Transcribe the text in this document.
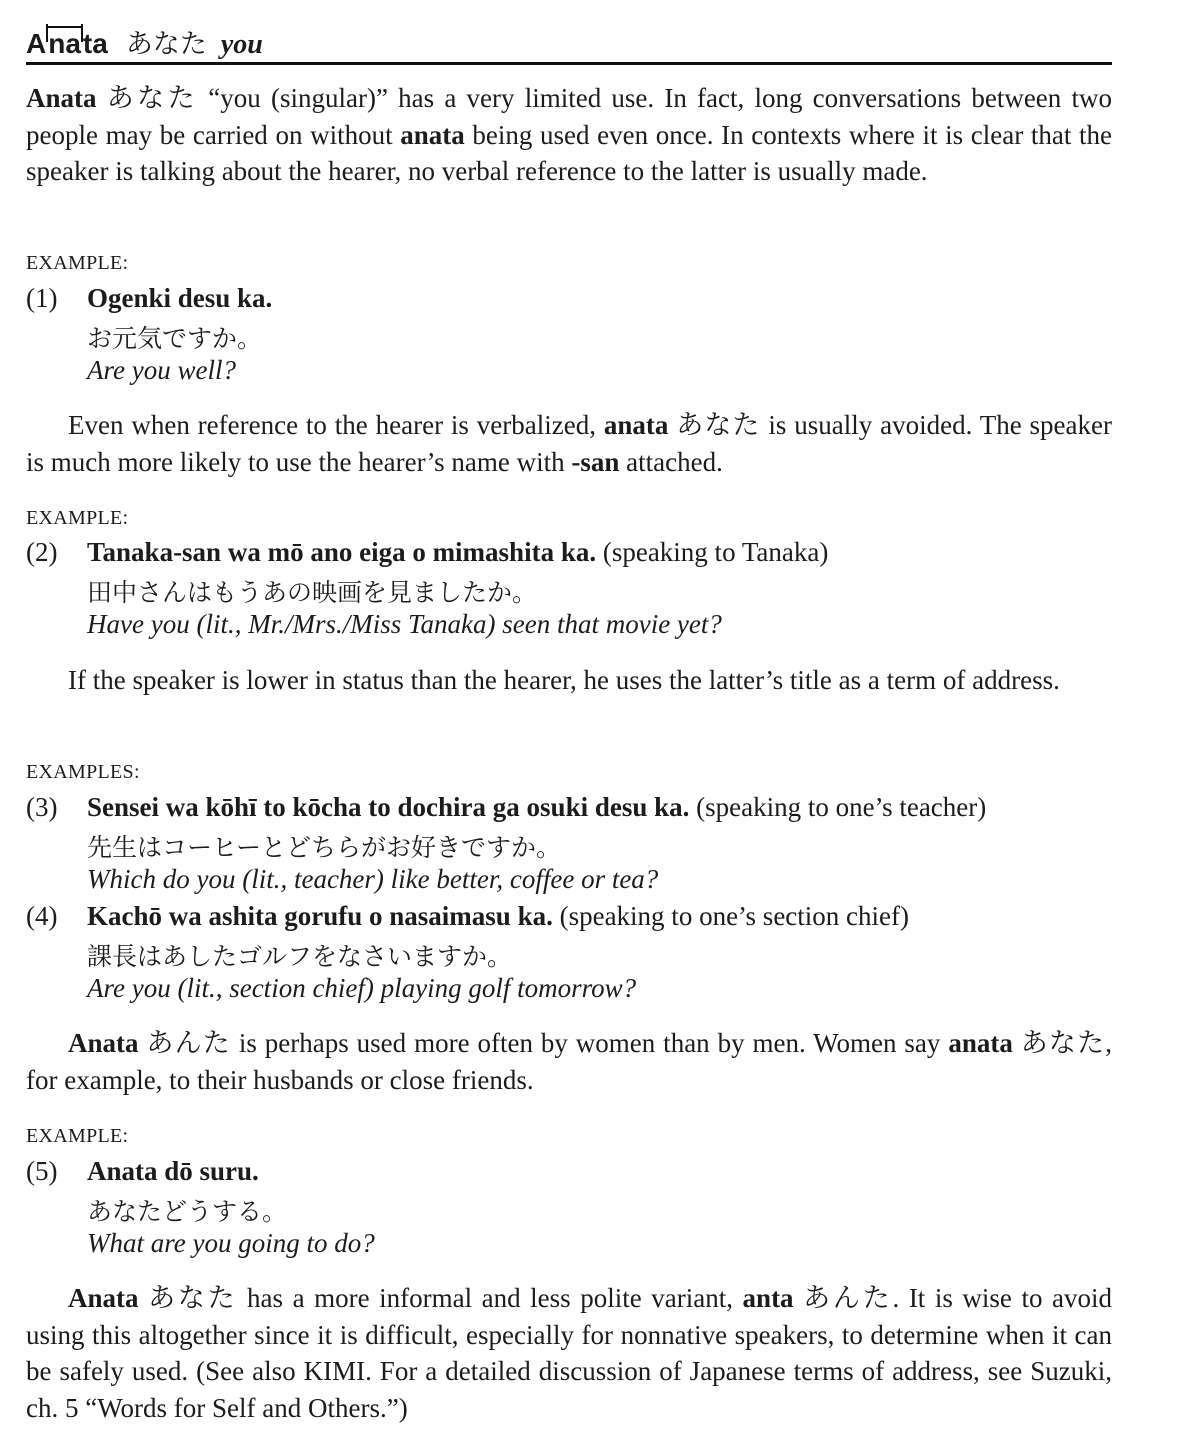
Anata あなた you

Anata あなた “you (singular)” has a very limited use. In fact, long conversations between two people may be carried on without anata being used even once. In contexts where it is clear that the speaker is talking about the hearer, no verbal reference to the latter is usually made.

EXAMPLE:
(1) Ogenki desu ka.
お元気ですか。
Are you well?

Even when reference to the hearer is verbalized, anata あなた is usually avoided. The speaker is much more likely to use the hearer’s name with -san attached.

EXAMPLE:
(2) Tanaka-san wa mō ano eiga o mimashita ka. (speaking to Tanaka)
田中さんはもうあの映画を見ましたか。
Have you (lit., Mr./Mrs./Miss Tanaka) seen that movie yet?

If the speaker is lower in status than the hearer, he uses the latter’s title as a term of address.

EXAMPLES:
(3) Sensei wa kōhī to kōcha to dochira ga osuki desu ka. (speaking to one’s teacher)
先生はコーヒーとどちらがお好きですか。
Which do you (lit., teacher) like better, coffee or tea?
(4) Kachō wa ashita gorufu o nasaimasu ka. (speaking to one’s section chief)
課長はあしたゴルフをなさいますか。
Are you (lit., section chief) playing golf tomorrow?

Anata あんた is perhaps used more often by women than by men. Women say anata あなた, for example, to their husbands or close friends.

EXAMPLE:
(5) Anata dō suru.
あなたどうする。
What are you going to do?

Anata あなた has a more informal and less polite variant, anta あんた. It is wise to avoid using this altogether since it is difficult, especially for nonnative speakers, to determine when it can be safely used. (See also KIMI. For a detailed discussion of Japanese terms of address, see Suzuki, ch. 5 “Words for Self and Others.”)
